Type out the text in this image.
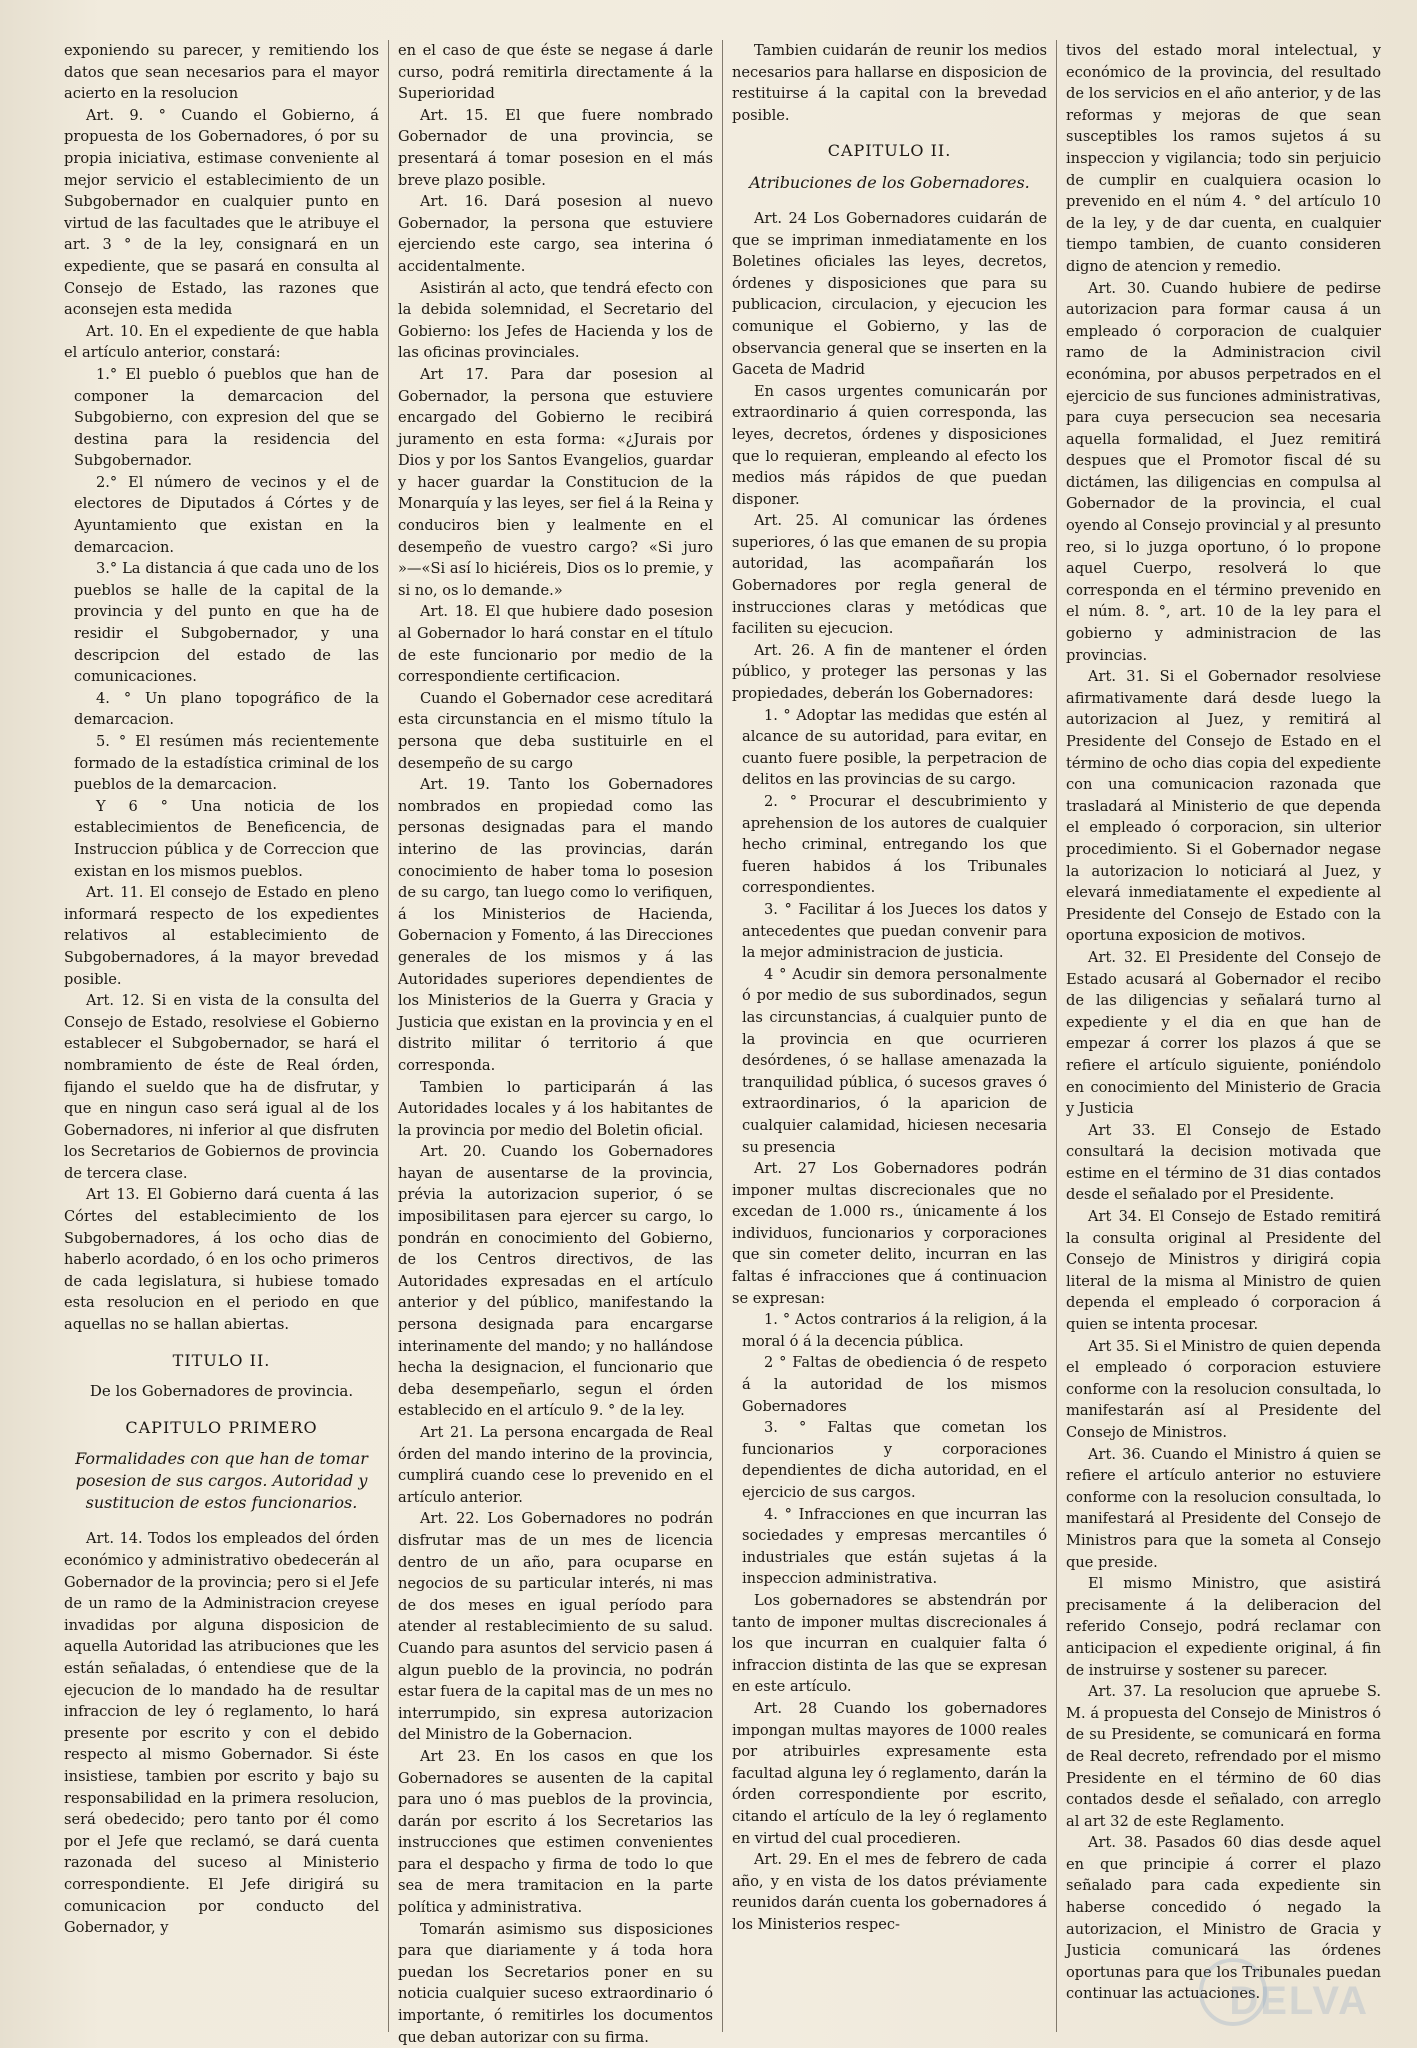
exponiendo su parecer, y remitiendo los datos que sean necesarios para el mayor acierto en la resolucion

Art. 9. ° Cuando el Gobierno, á propuesta de los Gobernadores, ó por su propia iniciativa, estimase conveniente al mejor servicio el establecimiento de un Subgobernador en cualquier punto en virtud de las facultades que le atribuye el art. 3 ° de la ley, consignará en un expediente, que se pasará en consulta al Consejo de Estado, las razones que aconsejen esta medida

Art. 10. En el expediente de que habla el artículo anterior, constará:

1.° El pueblo ó pueblos que han de componer la demarcacion del Subgobierno, con expresion del que se destina para la residencia del Subgobernador.

2.° El número de vecinos y el de electores de Diputados á Córtes y de Ayuntamiento que existan en la demarcacion.

3.° La distancia á que cada uno de los pueblos se halle de la capital de la provincia y del punto en que ha de residir el Subgobernador, y una descripcion del estado de las comunicaciones.

4. ° Un plano topográfico de la demarcacion.

5. ° El resúmen más recientemente formado de la estadística criminal de los pueblos de la demarcacion.

Y 6 ° Una noticia de los establecimientos de Beneficencia, de Instruccion pública y de Correccion que existan en los mismos pueblos.

Art. 11. El consejo de Estado en pleno informará respecto de los expedientes relativos al establecimiento de Subgobernadores, á la mayor brevedad posible.

Art. 12. Si en vista de la consulta del Consejo de Estado, resolviese el Gobierno establecer el Subgobernador, se hará el nombramiento de éste de Real órden, fijando el sueldo que ha de disfrutar, y que en ningun caso será igual al de los Gobernadores, ni inferior al que disfruten los Secretarios de Gobiernos de provincia de tercera clase.

Art 13. El Gobierno dará cuenta á las Córtes del establecimiento de los Subgobernadores, á los ocho dias de haberlo acordado, ó en los ocho primeros de cada legislatura, si hubiese tomado esta resolucion en el periodo en que aquellas no se hallan abiertas.

TITULO II.

De los Gobernadores de provincia.

CAPITULO PRIMERO

Formalidades con que han de tomar posesion de sus cargos. Autoridad y sustitucion de estos funcionarios.

Art. 14. Todos los empleados del órden económico y administrativo obedecerán al Gobernador de la provincia; pero si el Jefe de un ramo de la Administracion creyese invadidas por alguna disposicion de aquella Autoridad las atribuciones que les están señaladas, ó entendiese que de la ejecucion de lo mandado ha de resultar infraccion de ley ó reglamento, lo hará presente por escrito y con el debido respecto al mismo Gobernador. Si éste insistiese, tambien por escrito y bajo su responsabilidad en la primera resolucion, será obedecido; pero tanto por él como por el Jefe que reclamó, se dará cuenta razonada del suceso al Ministerio correspondiente. El Jefe dirigirá su comunicacion por conducto del Gobernador, y

en el caso de que éste se negase á darle curso, podrá remitirla directamente á la Superioridad

Art. 15. El que fuere nombrado Gobernador de una provincia, se presentará á tomar posesion en el más breve plazo posible.

Art. 16. Dará posesion al nuevo Gobernador, la persona que estuviere ejerciendo este cargo, sea interina ó accidentalmente.

Asistirán al acto, que tendrá efecto con la debida solemnidad, el Secretario del Gobierno: los Jefes de Hacienda y los de las oficinas provinciales.

Art 17. Para dar posesion al Gobernador, la persona que estuviere encargado del Gobierno le recibirá juramento en esta forma: «¿Jurais por Dios y por los Santos Evangelios, guardar y hacer guardar la Constitucion de la Monarquía y las leyes, ser fiel á la Reina y conduciros bien y lealmente en el desempeño de vuestro cargo? «Si juro »—«Si así lo hiciéreis, Dios os lo premie, y si no, os lo demande.»

Art. 18. El que hubiere dado posesion al Gobernador lo hará constar en el título de este funcionario por medio de la correspondiente certificacion.

Cuando el Gobernador cese acreditará esta circunstancia en el mismo título la persona que deba sustituirle en el desempeño de su cargo

Art. 19. Tanto los Gobernadores nombrados en propiedad como las personas designadas para el mando interino de las provincias, darán conocimiento de haber toma lo posesion de su cargo, tan luego como lo verifiquen, á los Ministerios de Hacienda, Gobernacion y Fomento, á las Direcciones generales de los mismos y á las Autoridades superiores dependientes de los Ministerios de la Guerra y Gracia y Justicia que existan en la provincia y en el distrito militar ó territorio á que corresponda.

Tambien lo participarán á las Autoridades locales y á los habitantes de la provincia por medio del Boletin oficial.

Art. 20. Cuando los Gobernadores hayan de ausentarse de la provincia, prévia la autorizacion superior, ó se imposibilitasen para ejercer su cargo, lo pondrán en conocimiento del Gobierno, de los Centros directivos, de las Autoridades expresadas en el artículo anterior y del público, manifestando la persona designada para encargarse interinamente del mando; y no hallándose hecha la designacion, el funcionario que deba desempeñarlo, segun el órden establecido en el artículo 9. ° de la ley.

Art 21. La persona encargada de Real órden del mando interino de la provincia, cumplirá cuando cese lo prevenido en el artículo anterior.

Art. 22. Los Gobernadores no podrán disfrutar mas de un mes de licencia dentro de un año, para ocuparse en negocios de su particular interés, ni mas de dos meses en igual período para atender al restablecimiento de su salud. Cuando para asuntos del servicio pasen á algun pueblo de la provincia, no podrán estar fuera de la capital mas de un mes no interrumpido, sin expresa autorizacion del Ministro de la Gobernacion.

Art 23. En los casos en que los Gobernadores se ausenten de la capital para uno ó mas pueblos de la provincia, darán por escrito á los Secretarios las instrucciones que estimen convenientes para el despacho y firma de todo lo que sea de mera tramitacion en la parte política y administrativa.

Tomarán asimismo sus disposiciones para que diariamente y á toda hora puedan los Secretarios poner en su noticia cualquier suceso extraordinario ó importante, ó remitirles los documentos que deban autorizar con su firma.

Tambien cuidarán de reunir los medios necesarios para hallarse en disposicion de restituirse á la capital con la brevedad posible.

CAPITULO II.

Atribuciones de los Gobernadores.

Art. 24 Los Gobernadores cuidarán de que se impriman inmediatamente en los Boletines oficiales las leyes, decretos, órdenes y disposiciones que para su publicacion, circulacion, y ejecucion les comunique el Gobierno, y las de observancia general que se inserten en la Gaceta de Madrid

En casos urgentes comunicarán por extraordinario á quien corresponda, las leyes, decretos, órdenes y disposiciones que lo requieran, empleando al efecto los medios más rápidos de que puedan disponer.

Art. 25. Al comunicar las órdenes superiores, ó las que emanen de su propia autoridad, las acompañarán los Gobernadores por regla general de instrucciones claras y metódicas que faciliten su ejecucion.

Art. 26. A fin de mantener el órden público, y proteger las personas y las propiedades, deberán los Gobernadores:

1. ° Adoptar las medidas que estén al alcance de su autoridad, para evitar, en cuanto fuere posible, la perpetracion de delitos en las provincias de su cargo.

2. ° Procurar el descubrimiento y aprehension de los autores de cualquier hecho criminal, entregando los que fueren habidos á los Tribunales correspondientes.

3. ° Facilitar á los Jueces los datos y antecedentes que puedan convenir para la mejor administracion de justicia.

4 ° Acudir sin demora personalmente ó por medio de sus subordinados, segun las circunstancias, á cualquier punto de la provincia en que ocurrieren desórdenes, ó se hallase amenazada la tranquilidad pública, ó sucesos graves ó extraordinarios, ó la aparicion de cualquier calamidad, hiciesen necesaria su presencia

Art. 27 Los Gobernadores podrán imponer multas discrecionales que no excedan de 1.000 rs., únicamente á los individuos, funcionarios y corporaciones que sin cometer delito, incurran en las faltas é infracciones que á continuacion se expresan:

1. ° Actos contrarios á la religion, á la moral ó á la decencia pública.

2 ° Faltas de obediencia ó de respeto á la autoridad de los mismos Gobernadores

3. ° Faltas que cometan los funcionarios y corporaciones dependientes de dicha autoridad, en el ejercicio de sus cargos.

4. ° Infracciones en que incurran las sociedades y empresas mercantiles ó industriales que están sujetas á la inspeccion administrativa.

Los gobernadores se abstendrán por tanto de imponer multas discrecionales á los que incurran en cualquier falta ó infraccion distinta de las que se expresan en este artículo.

Art. 28 Cuando los gobernadores impongan multas mayores de 1000 reales por atribuirles expresamente esta facultad alguna ley ó reglamento, darán la órden correspondiente por escrito, citando el artículo de la ley ó reglamento en virtud del cual procedieren.

Art. 29. En el mes de febrero de cada año, y en vista de los datos préviamente reunidos darán cuenta los gobernadores á los Ministerios respec-

tivos del estado moral intelectual, y económico de la provincia, del resultado de los servicios en el año anterior, y de las reformas y mejoras de que sean susceptibles los ramos sujetos á su inspeccion y vigilancia; todo sin perjuicio de cumplir en cualquiera ocasion lo prevenido en el núm 4. ° del artículo 10 de la ley, y de dar cuenta, en cualquier tiempo tambien, de cuanto consideren digno de atencion y remedio.

Art. 30. Cuando hubiere de pedirse autorizacion para formar causa á un empleado ó corporacion de cualquier ramo de la Administracion civil económina, por abusos perpetrados en el ejercicio de sus funciones administrativas, para cuya persecucion sea necesaria aquella formalidad, el Juez remitirá despues que el Promotor fiscal dé su dictámen, las diligencias en compulsa al Gobernador de la provincia, el cual oyendo al Consejo provincial y al presunto reo, si lo juzga oportuno, ó lo propone aquel Cuerpo, resolverá lo que corresponda en el término prevenido en el núm. 8. °, art. 10 de la ley para el gobierno y administracion de las provincias.

Art. 31. Si el Gobernador resolviese afirmativamente dará desde luego la autorizacion al Juez, y remitirá al Presidente del Consejo de Estado en el término de ocho dias copia del expediente con una comunicacion razonada que trasladará al Ministerio de que dependa el empleado ó corporacion, sin ulterior procedimiento. Si el Gobernador negase la autorizacion lo noticiará al Juez, y elevará inmediatamente el expediente al Presidente del Consejo de Estado con la oportuna exposicion de motivos.

Art. 32. El Presidente del Consejo de Estado acusará al Gobernador el recibo de las diligencias y señalará turno al expediente y el dia en que han de empezar á correr los plazos á que se refiere el artículo siguiente, poniéndolo en conocimiento del Ministerio de Gracia y Justicia

Art 33. El Consejo de Estado consultará la decision motivada que estime en el término de 31 dias contados desde el señalado por el Presidente.

Art 34. El Consejo de Estado remitirá la consulta original al Presidente del Consejo de Ministros y dirigirá copia literal de la misma al Ministro de quien dependa el empleado ó corporacion á quien se intenta procesar.

Art 35. Si el Ministro de quien dependa el empleado ó corporacion estuviere conforme con la resolucion consultada, lo manifestarán así al Presidente del Consejo de Ministros.

Art. 36. Cuando el Ministro á quien se refiere el artículo anterior no estuviere conforme con la resolucion consultada, lo manifestará al Presidente del Consejo de Ministros para que la someta al Consejo que preside.

El mismo Ministro, que asistirá precisamente á la deliberacion del referido Consejo, podrá reclamar con anticipacion el expediente original, á fin de instruirse y sostener su parecer.

Art. 37. La resolucion que apruebe S. M. á propuesta del Consejo de Ministros ó de su Presidente, se comunicará en forma de Real decreto, refrendado por el mismo Presidente en el término de 60 dias contados desde el señalado, con arreglo al art 32 de este Reglamento.

Art. 38. Pasados 60 dias desde aquel en que principie á correr el plazo señalado para cada expediente sin haberse concedido ó negado la autorizacion, el Ministro de Gracia y Justicia comunicará las órdenes oportunas para que los Tribunales puedan continuar las actuaciones.

DELVA
